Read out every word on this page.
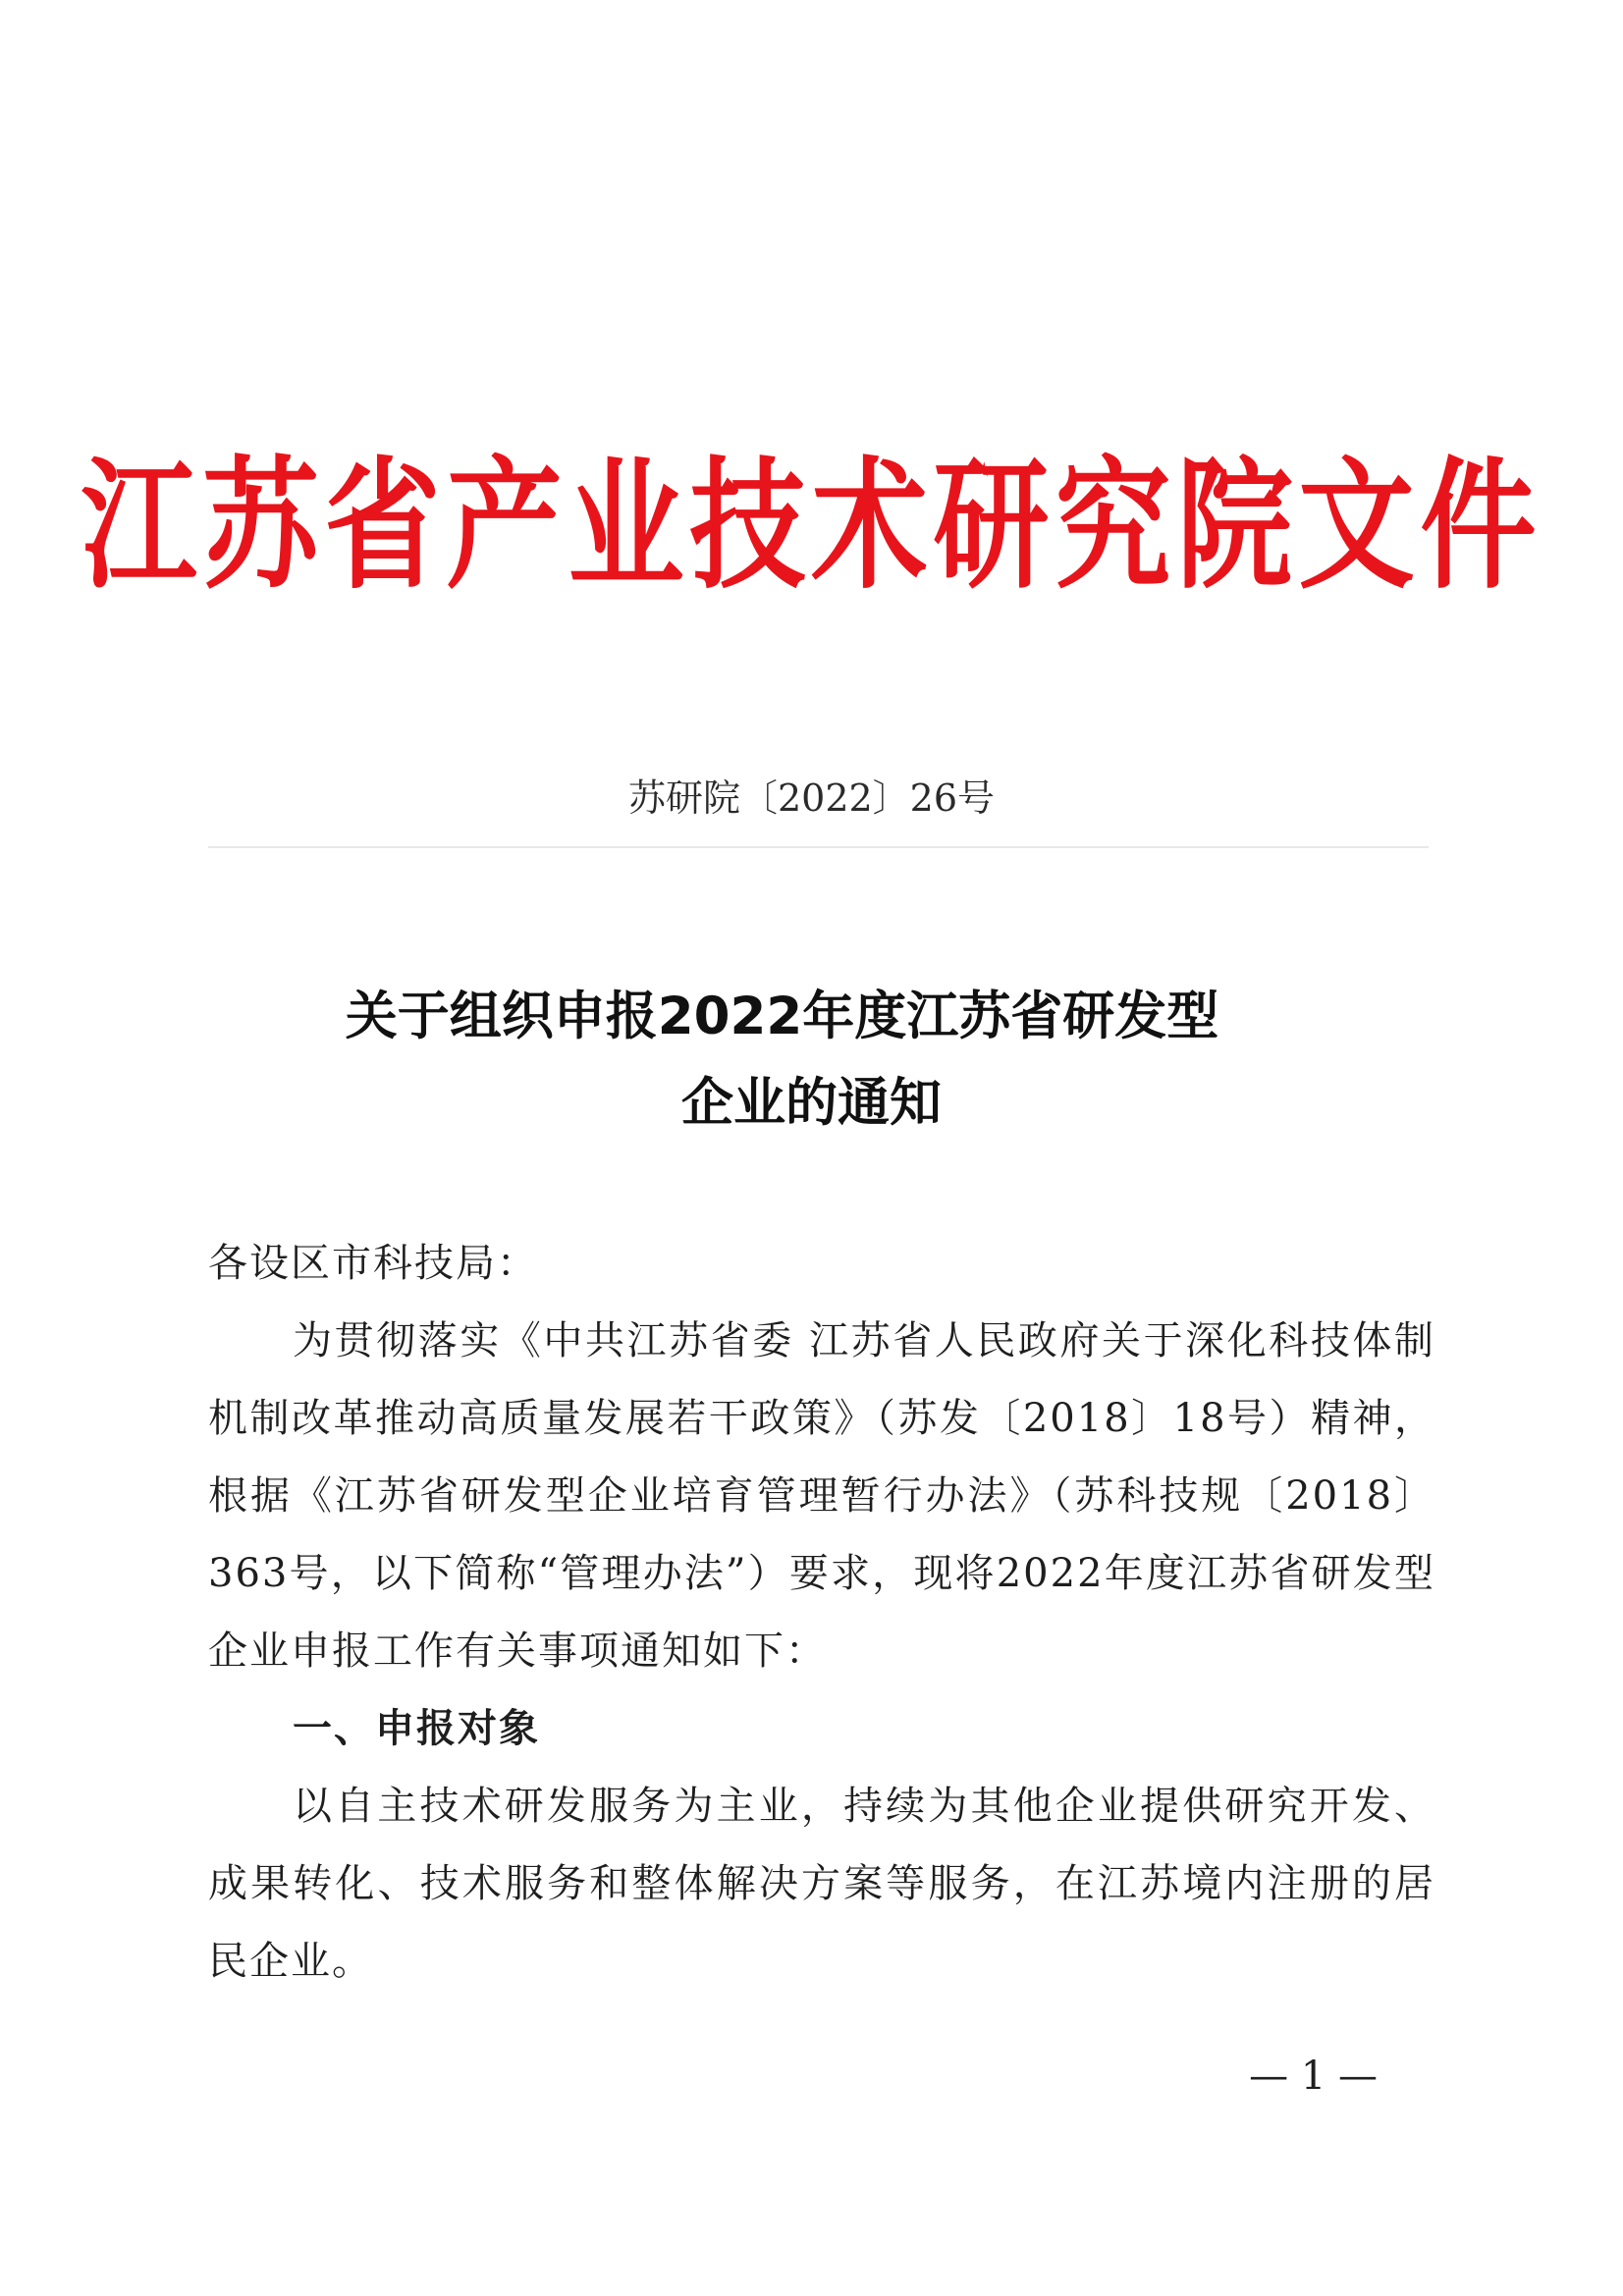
江苏省产业技术研究院文件
苏研院〔2022〕26号
关于组织申报2022年度江苏省研发型
企业的通知

各设区市科技局：

为贯彻落实《中共江苏省委 江苏省人民政府关于深化科技体制机制改革推动高质量发展若干政策》（苏发〔2018〕18号）精神，根据《江苏省研发型企业培育管理暂行办法》（苏科技规〔2018〕363号，以下简称“管理办法”）要求，现将2022年度江苏省研发型企业申报工作有关事项通知如下：

一、申报对象

以自主技术研发服务为主业，持续为其他企业提供研究开发、成果转化、技术服务和整体解决方案等服务，在江苏境内注册的居民企业。

— 1 —
